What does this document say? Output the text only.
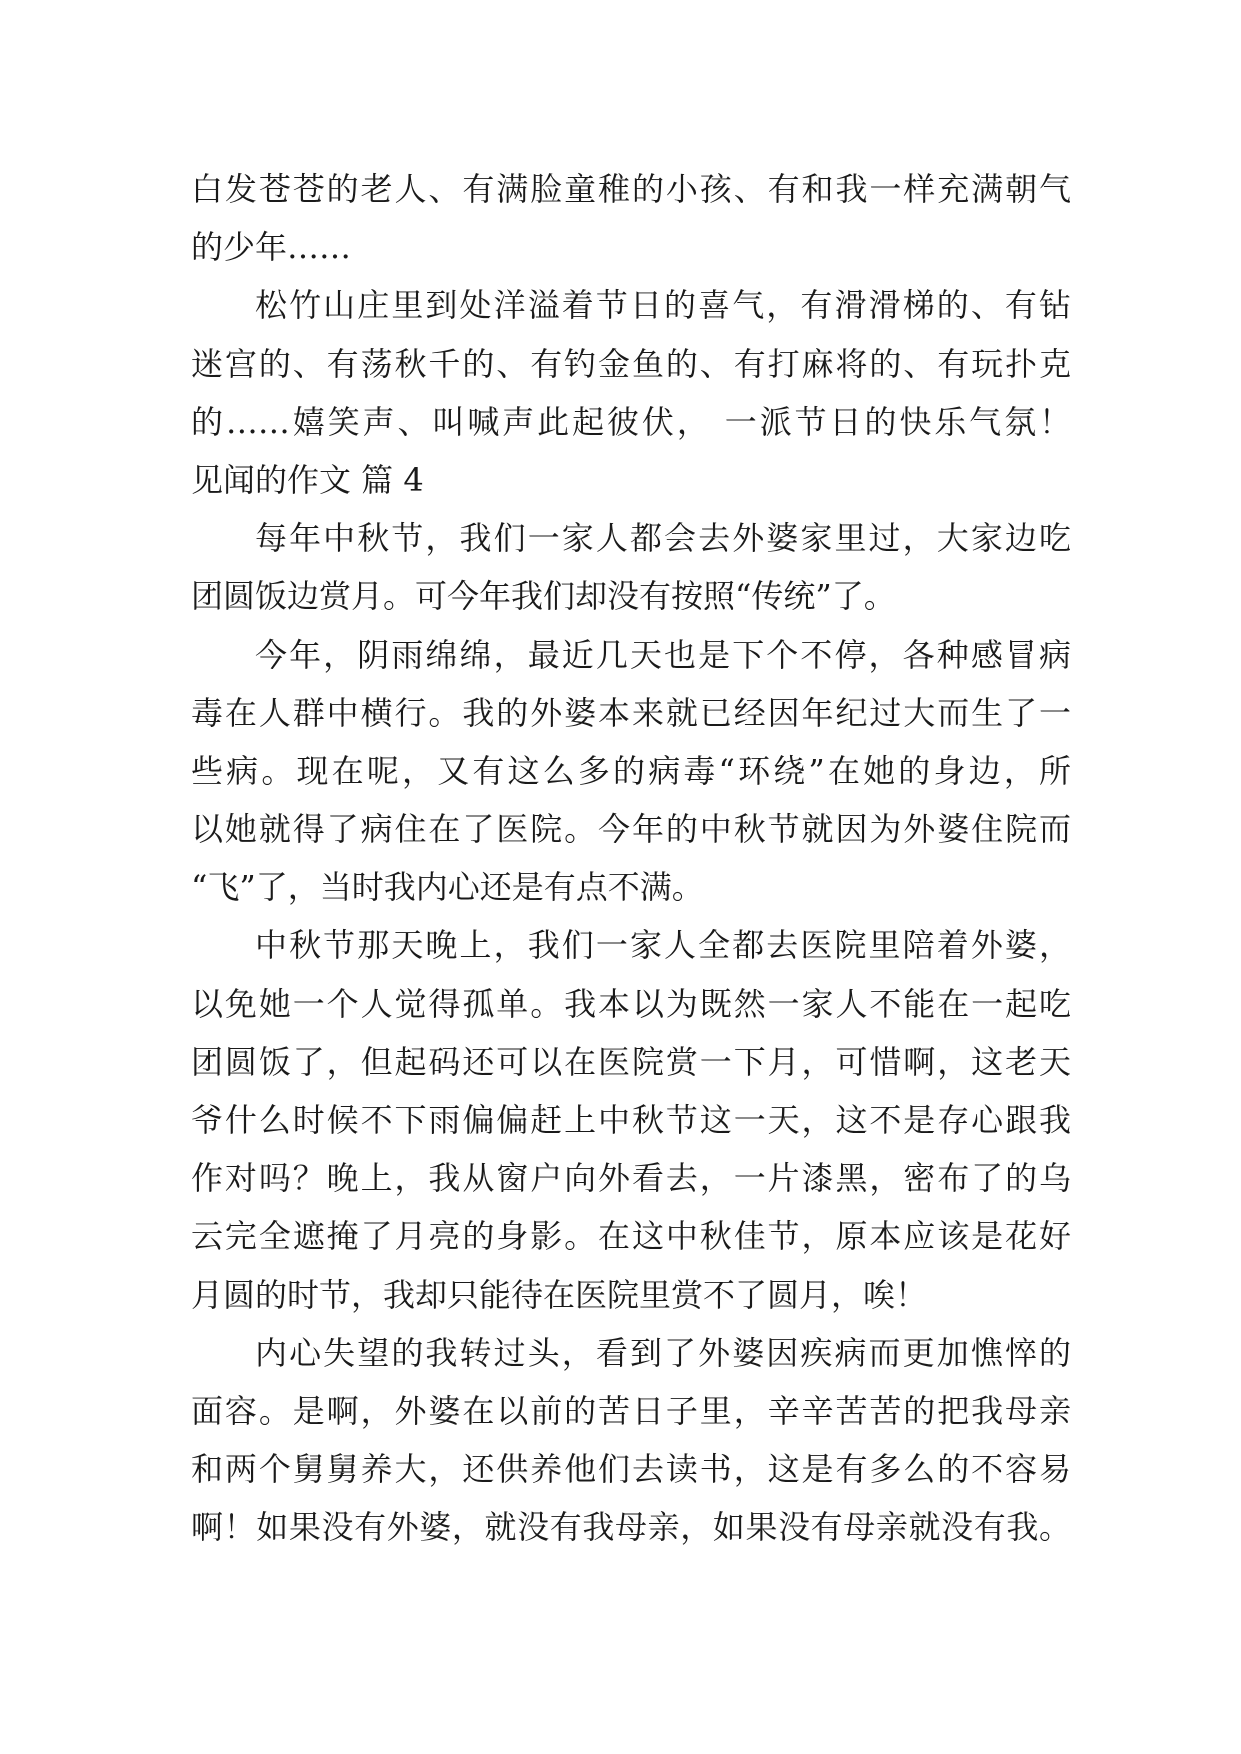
白发苍苍的老人、有满脸童稚的小孩、有和我一样充满朝气
的少年……
松竹山庄里到处洋溢着节日的喜气，有滑滑梯的、有钻
迷宫的、有荡秋千的、有钓金鱼的、有打麻将的、有玩扑克
的……嬉笑声、叫喊声此起彼伏， 一派节日的快乐气氛！
见闻的作文 篇 4
每年中秋节，我们一家人都会去外婆家里过，大家边吃
团圆饭边赏月。可今年我们却没有按照“传统”了。
今年，阴雨绵绵，最近几天也是下个不停，各种感冒病
毒在人群中横行。我的外婆本来就已经因年纪过大而生了一
些病。现在呢，又有这么多的病毒“环绕”在她的身边，所
以她就得了病住在了医院。今年的中秋节就因为外婆住院而
“飞”了，当时我内心还是有点不满。
中秋节那天晚上，我们一家人全都去医院里陪着外婆，
以免她一个人觉得孤单。我本以为既然一家人不能在一起吃
团圆饭了，但起码还可以在医院赏一下月，可惜啊，这老天
爷什么时候不下雨偏偏赶上中秋节这一天，这不是存心跟我
作对吗？晚上，我从窗户向外看去，一片漆黑，密布了的乌
云完全遮掩了月亮的身影。在这中秋佳节，原本应该是花好
月圆的时节，我却只能待在医院里赏不了圆月，唉！
内心失望的我转过头，看到了外婆因疾病而更加憔悴的
面容。是啊，外婆在以前的苦日子里，辛辛苦苦的把我母亲
和两个舅舅养大，还供养他们去读书，这是有多么的不容易
啊！如果没有外婆，就没有我母亲，如果没有母亲就没有我。
